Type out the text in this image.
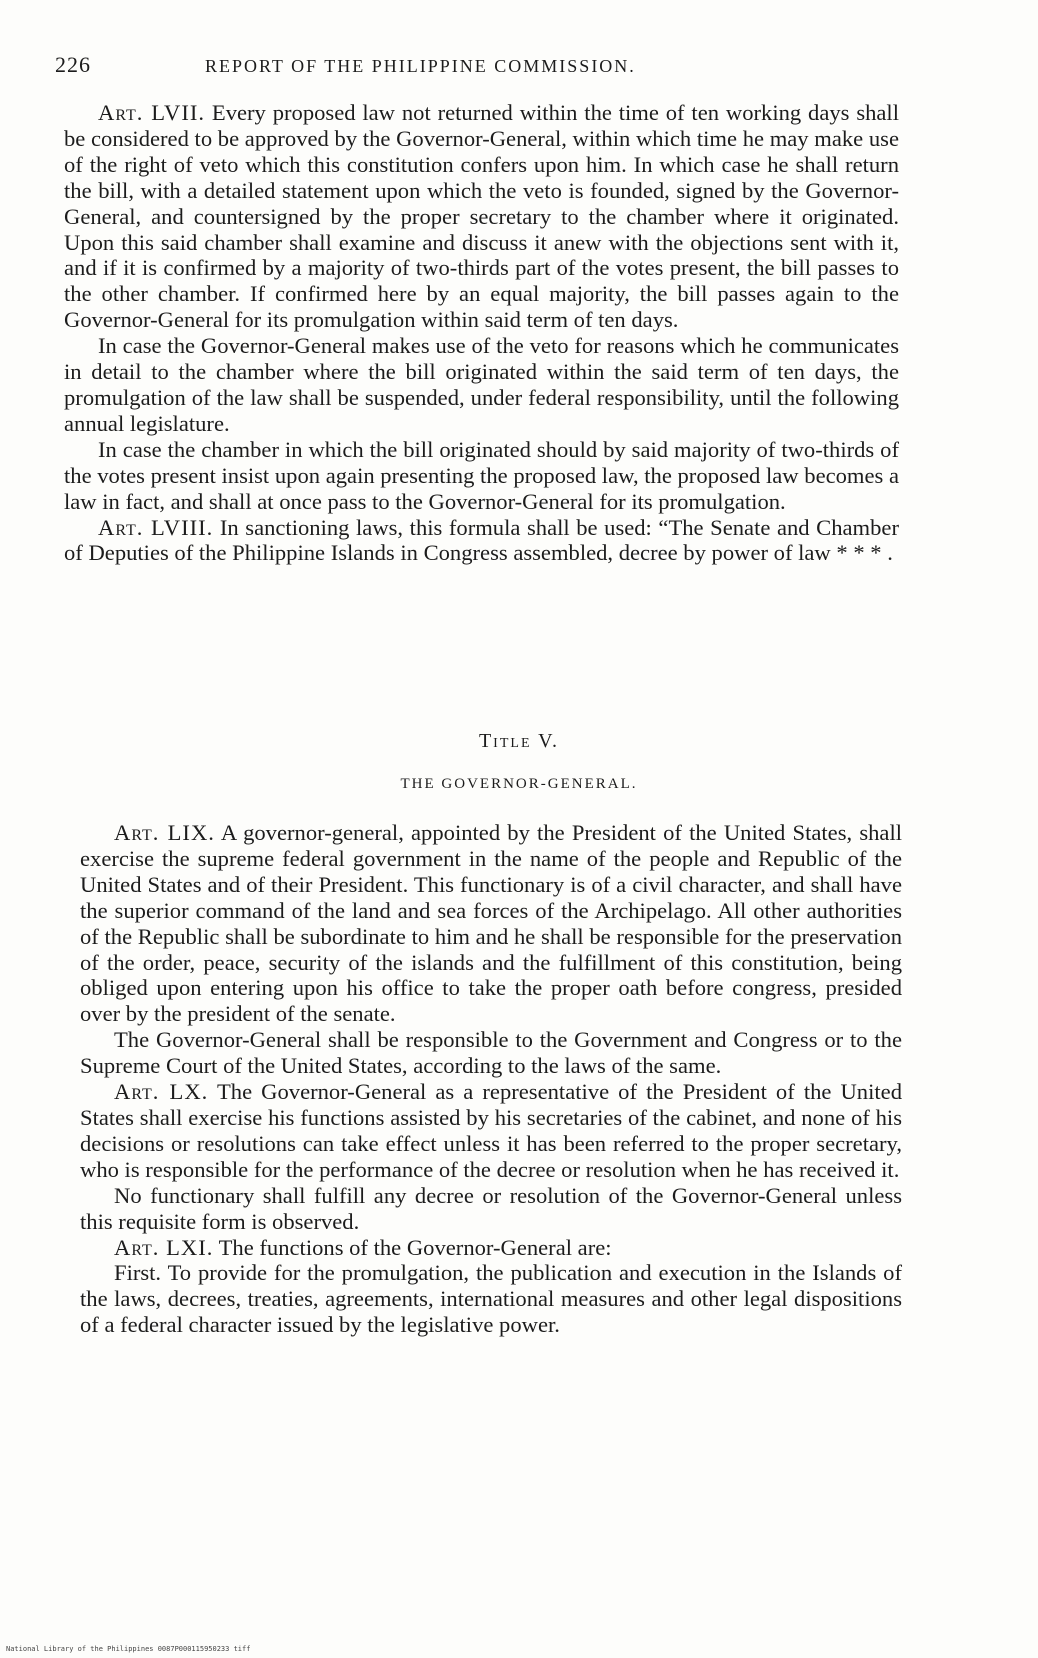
226	REPORT OF THE PHILIPPINE COMMISSION.

Art. LVII. Every proposed law not returned within the time of ten working days shall be considered to be approved by the Governor-General, within which time he may make use of the right of veto which this constitution confers upon him. In which case he shall return the bill, with a detailed statement upon which the veto is founded, signed by the Governor-General, and countersigned by the proper secretary to the chamber where it originated. Upon this said chamber shall examine and discuss it anew with the objections sent with it, and if it is confirmed by a majority of two-thirds part of the votes present, the bill passes to the other chamber. If confirmed here by an equal majority, the bill passes again to the Governor-General for its promulgation within said term of ten days.

In case the Governor-General makes use of the veto for reasons which he communicates in detail to the chamber where the bill originated within the said term of ten days, the promulgation of the law shall be suspended, under federal responsibility, until the following annual legislature.

In case the chamber in which the bill originated should by said majority of two-thirds of the votes present insist upon again presenting the proposed law, the proposed law becomes a law in fact, and shall at once pass to the Governor-General for its promulgation.

Art. LVIII. In sanctioning laws, this formula shall be used: “The Senate and Chamber of Deputies of the Philippine Islands in Congress assembled, decree by power of law * * * .

Title V.
THE GOVERNOR-GENERAL.

Art. LIX. A governor-general, appointed by the President of the United States, shall exercise the supreme federal government in the name of the people and Republic of the United States and of their President. This functionary is of a civil character, and shall have the superior command of the land and sea forces of the Archipelago. All other authorities of the Republic shall be subordinate to him and he shall be responsible for the preservation of the order, peace, security of the islands and the fulfillment of this constitution, being obliged upon entering upon his office to take the proper oath before congress, presided over by the president of the senate.

The Governor-General shall be responsible to the Government and Congress or to the Supreme Court of the United States, according to the laws of the same.

Art. LX. The Governor-General as a representative of the President of the United States shall exercise his functions assisted by his secretaries of the cabinet, and none of his decisions or resolutions can take effect unless it has been referred to the proper secretary, who is responsible for the performance of the decree or resolution when he has received it.

No functionary shall fulfill any decree or resolution of the Governor-General unless this requisite form is observed.

Art. LXI. The functions of the Governor-General are:

First. To provide for the promulgation, the publication and execution in the Islands of the laws, decrees, treaties, agreements, international measures and other legal dispositions of a federal character issued by the legislative power.

National Library of the Philippines 0087P000115950233 tiff
